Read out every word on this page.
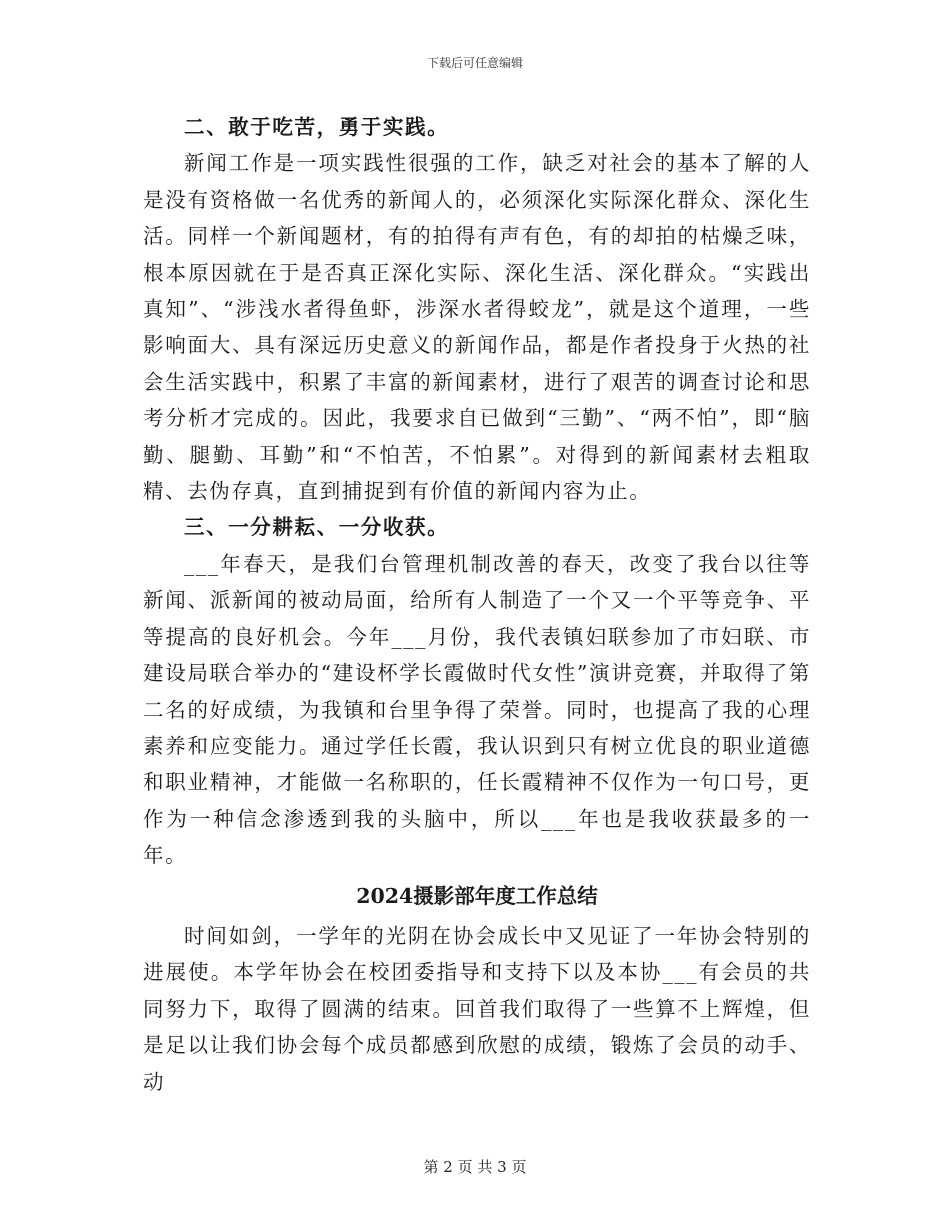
下载后可任意编辑
二、敢于吃苦，勇于实践。

新闻工作是一项实践性很强的工作，缺乏对社会的基本了解的人是没有资格做一名优秀的新闻人的，必须深化实际深化群众、深化生活。同样一个新闻题材，有的拍得有声有色，有的却拍的枯燥乏味，根本原因就在于是否真正深化实际、深化生活、深化群众。“实践出真知”、“涉浅水者得鱼虾，涉深水者得蛟龙”，就是这个道理，一些影响面大、具有深远历史意义的新闻作品，都是作者投身于火热的社会生活实践中，积累了丰富的新闻素材，进行了艰苦的调查讨论和思考分析才完成的。因此，我要求自已做到“三勤”、“两不怕”，即“脑勤、腿勤、耳勤”和“不怕苦，不怕累”。对得到的新闻素材去粗取精、去伪存真，直到捕捉到有价值的新闻内容为止。

三、一分耕耘、一分收获。

___年春天，是我们台管理机制改善的春天，改变了我台以往等新闻、派新闻的被动局面，给所有人制造了一个又一个平等竞争、平等提高的良好机会。今年___月份，我代表镇妇联参加了市妇联、市建设局联合举办的“建设杯学长霞做时代女性”演讲竞赛，并取得了第二名的好成绩，为我镇和台里争得了荣誉。同时，也提高了我的心理素养和应变能力。通过学任长霞，我认识到只有树立优良的职业道德和职业精神，才能做一名称职的，任长霞精神不仅作为一句口号，更作为一种信念渗透到我的头脑中，所以___年也是我收获最多的一年。

2024摄影部年度工作总结

时间如剑，一学年的光阴在协会成长中又见证了一年协会特别的进展使。本学年协会在校团委指导和支持下以及本协___有会员的共同努力下，取得了圆满的结束。回首我们取得了一些算不上辉煌，但是足以让我们协会每个成员都感到欣慰的成绩，锻炼了会员的动手、动

第 2 页 共 3 页
